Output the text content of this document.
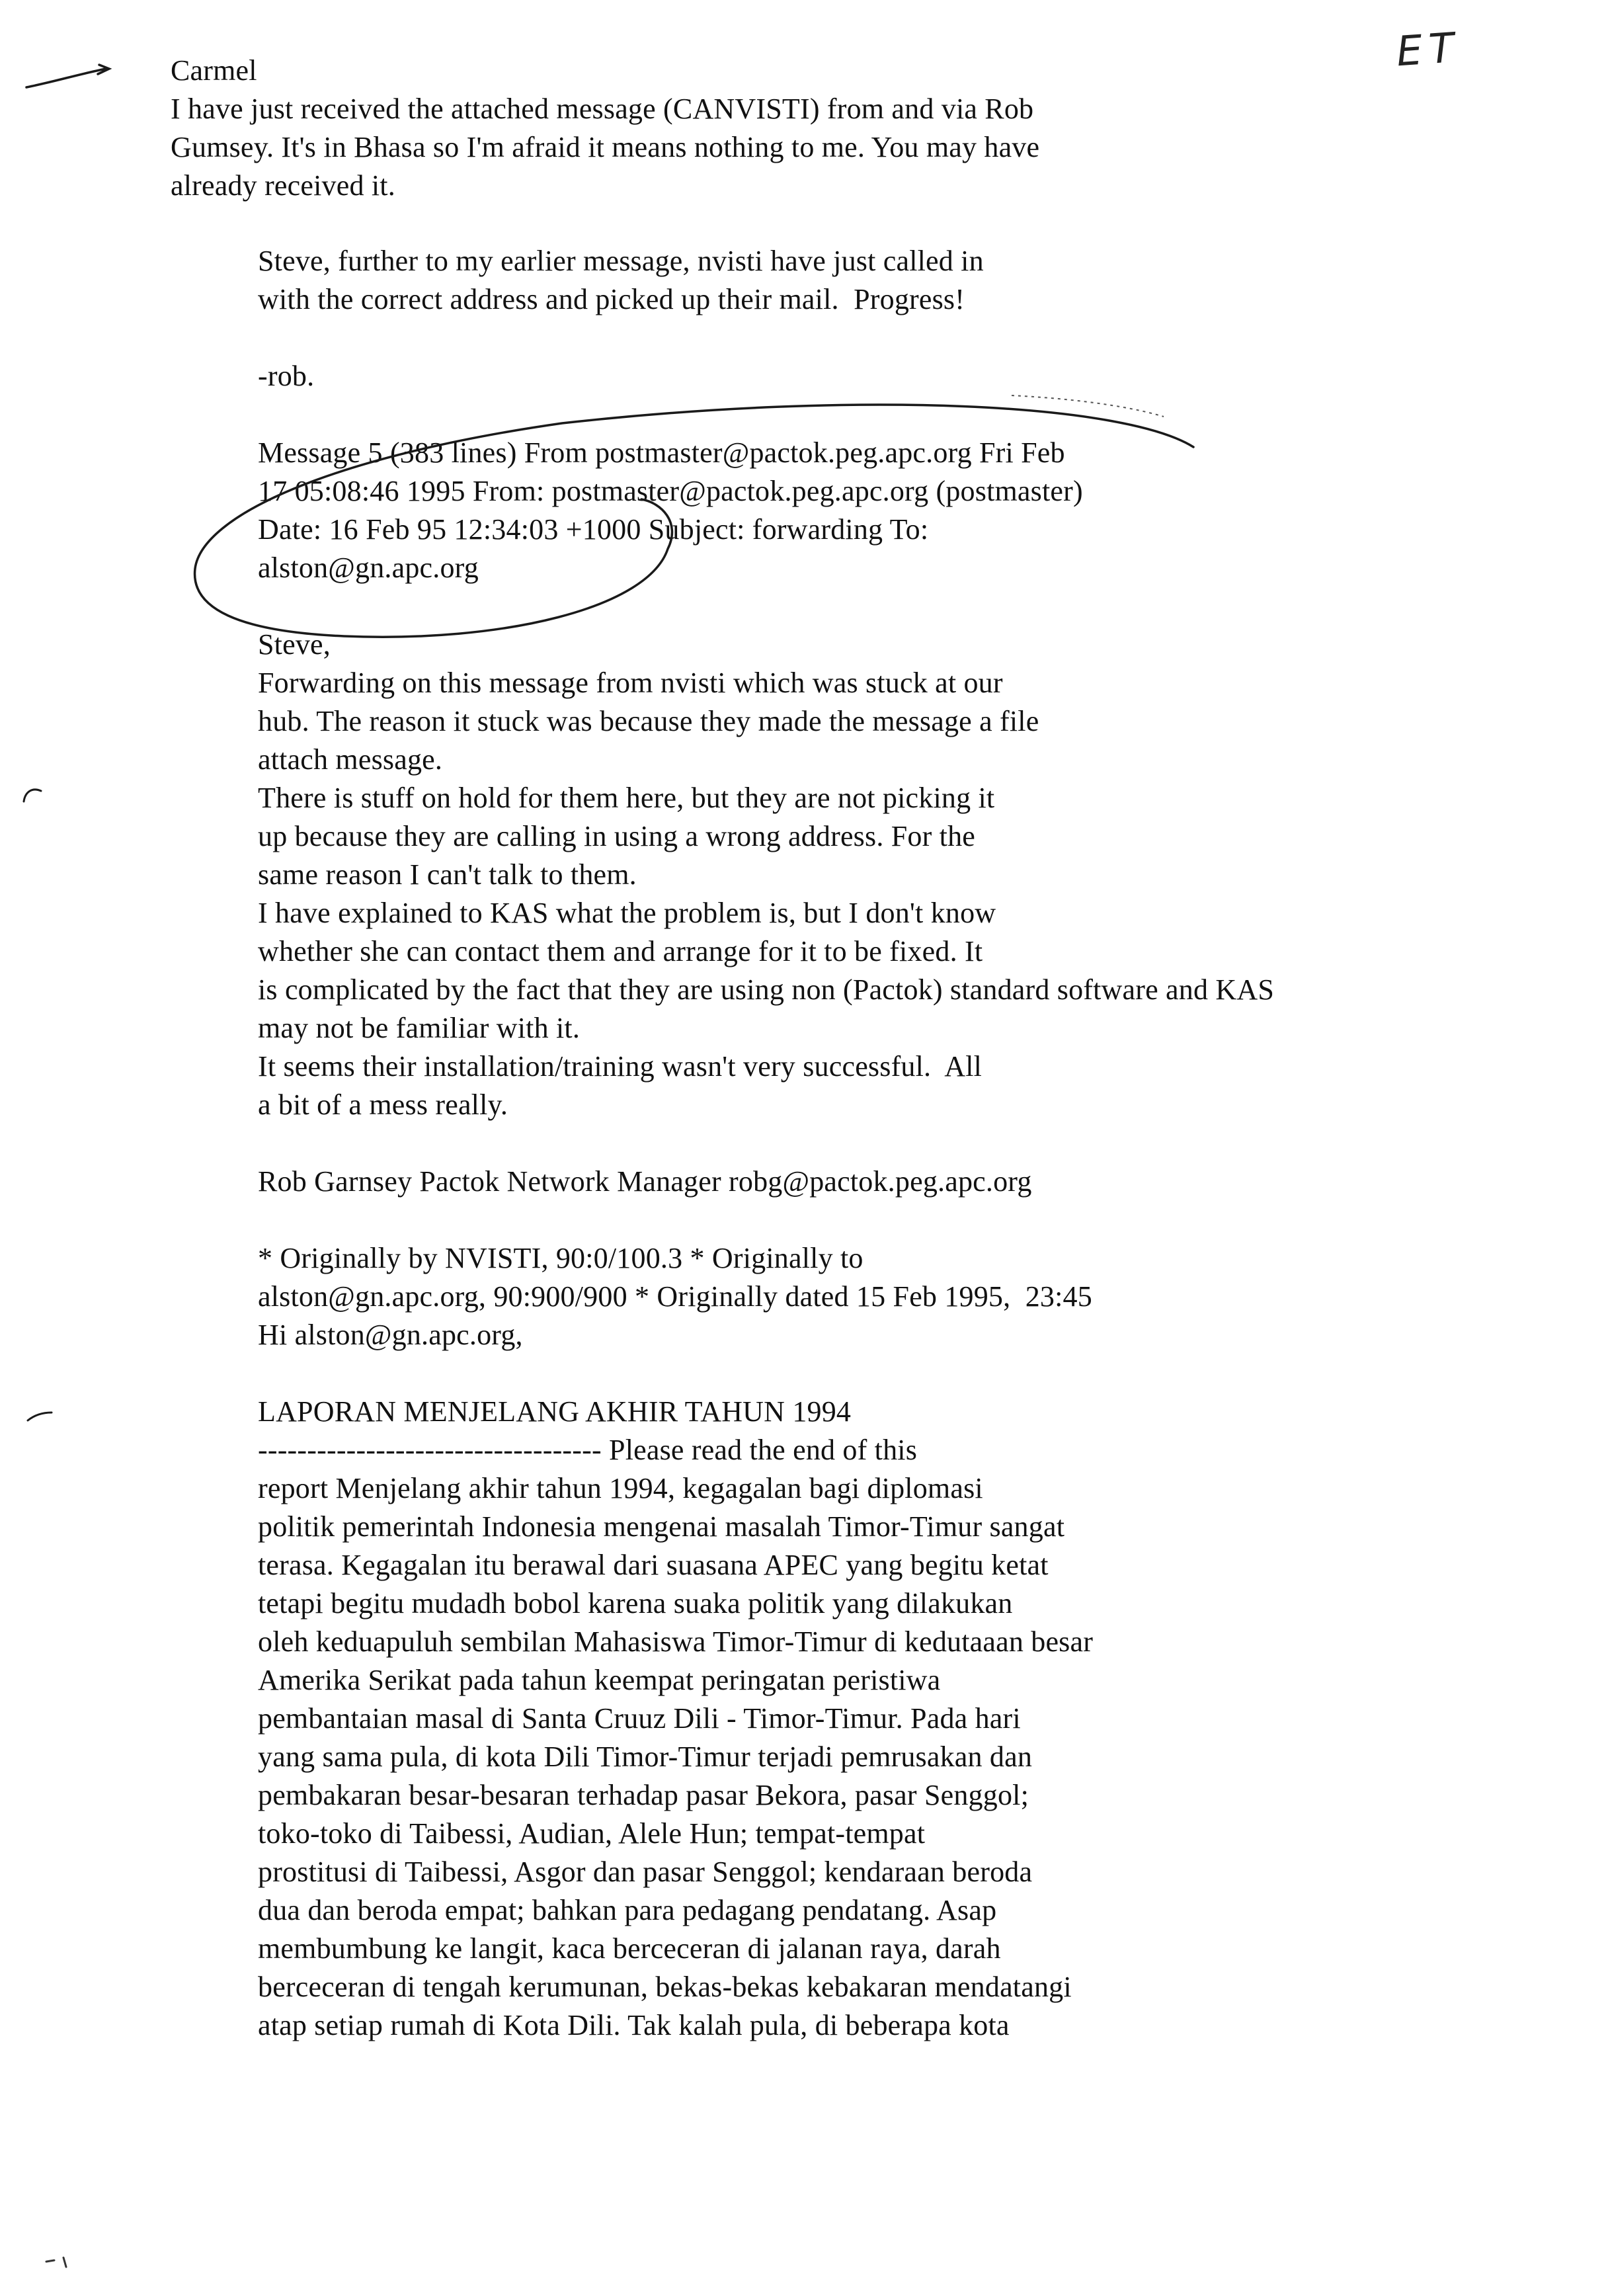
ET

Carmel

I have just received the attached message (CANVISTI) from and via Rob

Gumsey. It's in Bhasa so I'm afraid it means nothing to me. You may have

already received it.

Steve, further to my earlier message, nvisti have just called in

with the correct address and picked up their mail.  Progress!

-rob.

Message 5 (383 lines) From postmaster@pactok.peg.apc.org Fri Feb

17 05:08:46 1995 From: postmaster@pactok.peg.apc.org (postmaster)

Date: 16 Feb 95 12:34:03 +1000 Subject: forwarding To:

alston@gn.apc.org

Steve,

Forwarding on this message from nvisti which was stuck at our

hub. The reason it stuck was because they made the message a file

attach message.

There is stuff on hold for them here, but they are not picking it

up because they are calling in using a wrong address. For the

same reason I can't talk to them.

I have explained to KAS what the problem is, but I don't know

whether she can contact them and arrange for it to be fixed. It

is complicated by the fact that they are using non (Pactok) standard software and KAS

may not be familiar with it.

It seems their installation/training wasn't very successful.  All

a bit of a mess really.

Rob Garnsey Pactok Network Manager robg@pactok.peg.apc.org

* Originally by NVISTI, 90:0/100.3 * Originally to

alston@gn.apc.org, 90:900/900 * Originally dated 15 Feb 1995,  23:45

Hi alston@gn.apc.org,

LAPORAN MENJELANG AKHIR TAHUN 1994

----------------------------------- Please read the end of this

report Menjelang akhir tahun 1994, kegagalan bagi diplomasi

politik pemerintah Indonesia mengenai masalah Timor-Timur sangat

terasa. Kegagalan itu berawal dari suasana APEC yang begitu ketat

tetapi begitu mudadh bobol karena suaka politik yang dilakukan

oleh keduapuluh sembilan Mahasiswa Timor-Timur di kedutaaan besar

Amerika Serikat pada tahun keempat peringatan peristiwa

pembantaian masal di Santa Cruuz Dili - Timor-Timur. Pada hari

yang sama pula, di kota Dili Timor-Timur terjadi pemrusakan dan

pembakaran besar-besaran terhadap pasar Bekora, pasar Senggol;

toko-toko di Taibessi, Audian, Alele Hun; tempat-tempat

prostitusi di Taibessi, Asgor dan pasar Senggol; kendaraan beroda

dua dan beroda empat; bahkan para pedagang pendatang. Asap

membumbung ke langit, kaca berceceran di jalanan raya, darah

berceceran di tengah kerumunan, bekas-bekas kebakaran mendatangi

atap setiap rumah di Kota Dili. Tak kalah pula, di beberapa kota
